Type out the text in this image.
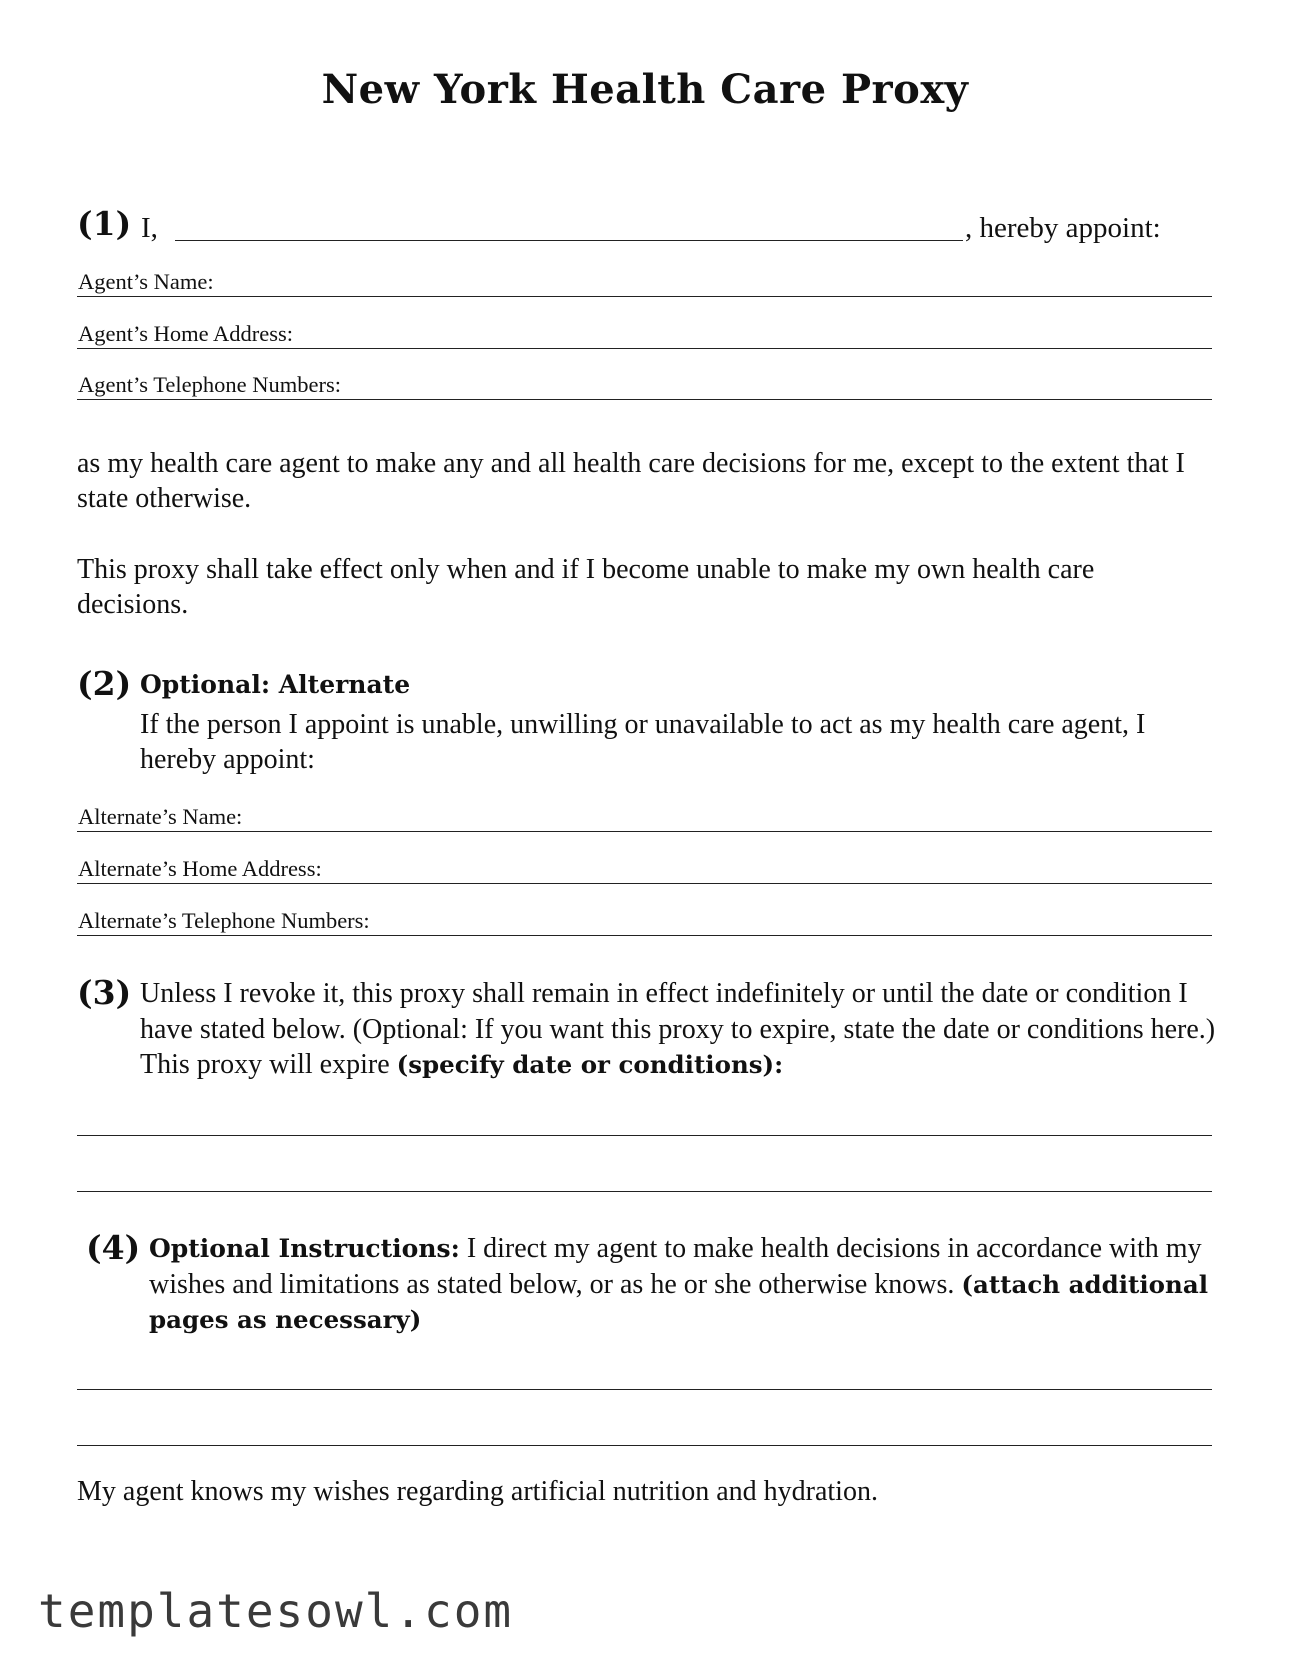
New York Health Care Proxy
(1) I,	, hereby appoint:
Agent’s Name:
Agent’s Home Address:
Agent’s Telephone Numbers:

as my health care agent to make any and all health care decisions for me, except to the extent that I state otherwise.

This proxy shall take effect only when and if I become unable to make my own health care decisions.

(2) Optional: Alternate
If the person I appoint is unable, unwilling or unavailable to act as my health care agent, I hereby appoint:
Alternate’s Name:
Alternate’s Home Address:
Alternate’s Telephone Numbers:
(3) Unless I revoke it, this proxy shall remain in effect indefinitely or until the date or condition I have stated below. (Optional: If you want this proxy to expire, state the date or conditions here.) This proxy will expire (specify date or conditions):
(4) Optional Instructions: I direct my agent to make health decisions in accordance with my wishes and limitations as stated below, or as he or she otherwise knows. (attach additional pages as necessary)

My agent knows my wishes regarding artificial nutrition and hydration.

templatesowl.com
